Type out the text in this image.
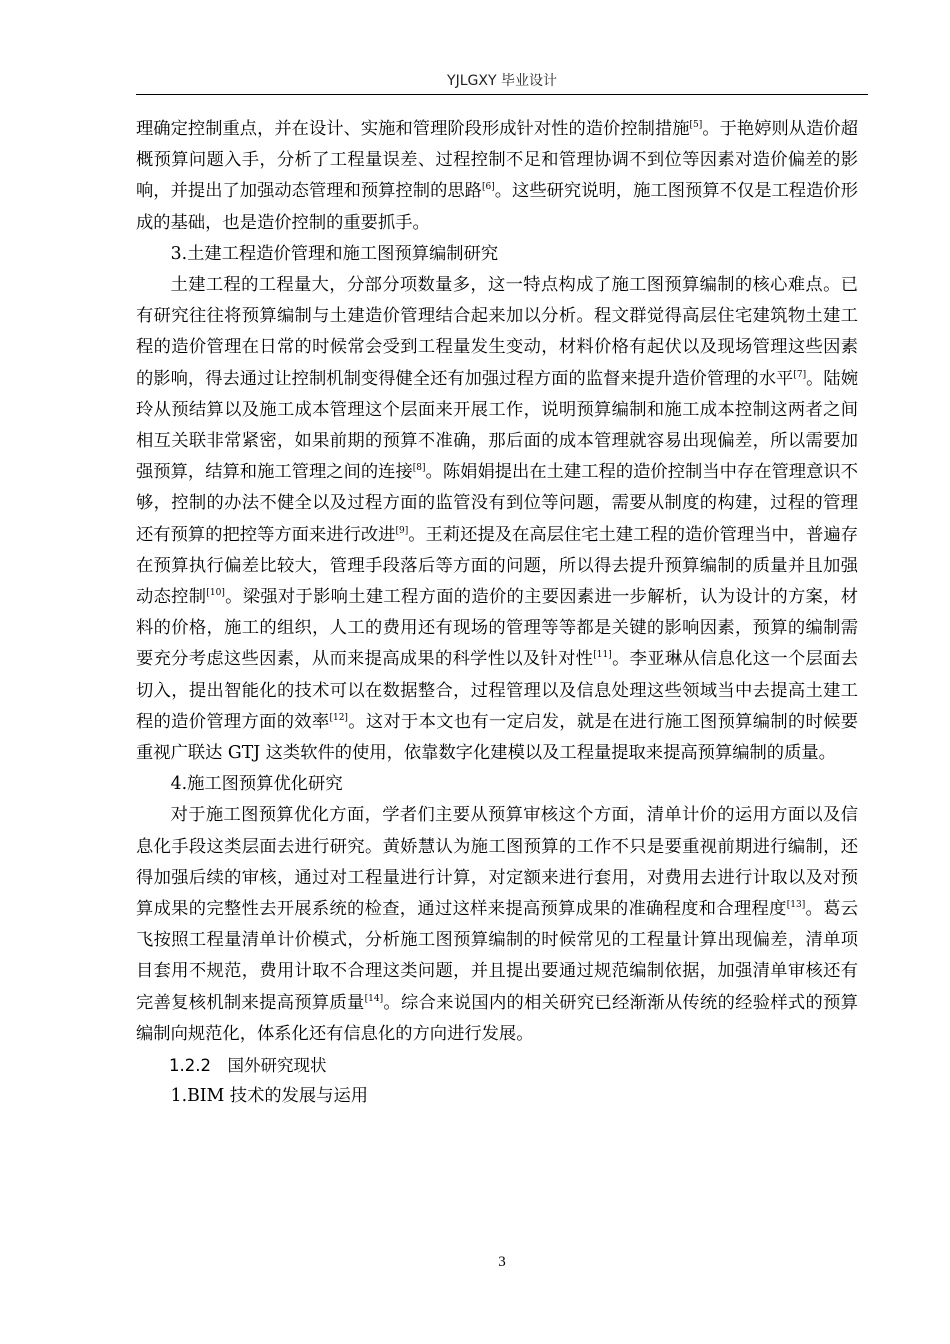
YJLGXY 毕业设计

理确定控制重点，并在设计、实施和管理阶段形成针对性的造价控制措施[5]。于艳婷则从造价超概预算问题入手，分析了工程量误差、过程控制不足和管理协调不到位等因素对造价偏差的影响，并提出了加强动态管理和预算控制的思路[6]。这些研究说明，施工图预算不仅是工程造价形成的基础，也是造价控制的重要抓手。

3.土建工程造价管理和施工图预算编制研究

土建工程的工程量大，分部分项数量多，这一特点构成了施工图预算编制的核心难点。已有研究往往将预算编制与土建造价管理结合起来加以分析。程文群觉得高层住宅建筑物土建工程的造价管理在日常的时候常会受到工程量发生变动，材料价格有起伏以及现场管理这些因素的影响，得去通过让控制机制变得健全还有加强过程方面的监督来提升造价管理的水平[7]。陆婉玲从预结算以及施工成本管理这个层面来开展工作，说明预算编制和施工成本控制这两者之间相互关联非常紧密，如果前期的预算不准确，那后面的成本管理就容易出现偏差，所以需要加强预算，结算和施工管理之间的连接[8]。陈娟娟提出在土建工程的造价控制当中存在管理意识不够，控制的办法不健全以及过程方面的监管没有到位等问题，需要从制度的构建，过程的管理还有预算的把控等方面来进行改进[9]。王莉还提及在高层住宅土建工程的造价管理当中，普遍存在预算执行偏差比较大，管理手段落后等方面的问题，所以得去提升预算编制的质量并且加强动态控制[10]。梁强对于影响土建工程方面的造价的主要因素进一步解析，认为设计的方案，材料的价格，施工的组织，人工的费用还有现场的管理等等都是关键的影响因素，预算的编制需要充分考虑这些因素，从而来提高成果的科学性以及针对性[11]。李亚琳从信息化这一个层面去切入，提出智能化的技术可以在数据整合，过程管理以及信息处理这些领域当中去提高土建工程的造价管理方面的效率[12]。这对于本文也有一定启发，就是在进行施工图预算编制的时候要重视广联达 GTJ 这类软件的使用，依靠数字化建模以及工程量提取来提高预算编制的质量。

4.施工图预算优化研究

对于施工图预算优化方面，学者们主要从预算审核这个方面，清单计价的运用方面以及信息化手段这类层面去进行研究。黄娇慧认为施工图预算的工作不只是要重视前期进行编制，还得加强后续的审核，通过对工程量进行计算，对定额来进行套用，对费用去进行计取以及对预算成果的完整性去开展系统的检查，通过这样来提高预算成果的准确程度和合理程度[13]。葛云飞按照工程量清单计价模式，分析施工图预算编制的时候常见的工程量计算出现偏差，清单项目套用不规范，费用计取不合理这类问题，并且提出要通过规范编制依据，加强清单审核还有完善复核机制来提高预算质量[14]。综合来说国内的相关研究已经渐渐从传统的经验样式的预算编制向规范化，体系化还有信息化的方向进行发展。

1.2.2　国外研究现状

1.BIM 技术的发展与运用

3
